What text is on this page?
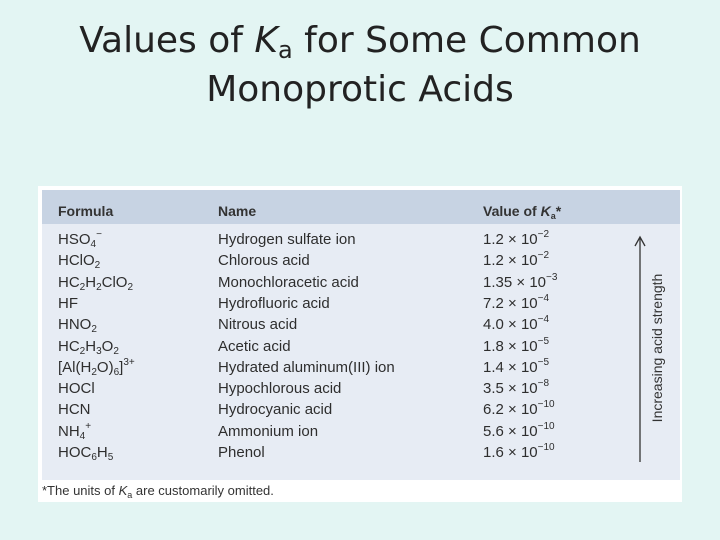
Values of $K_a$ for Some Common
Monoprotic Acids
Formula	Name	Value of $K_a*$
$HSO_4^-$	Hydrogen sulfate ion	$1.2 \times 10^{-2}$
HClO$_2$	Chlorous acid	$1.2 \times 10^{-2}$
$HC_2H_2ClO_2$	Monochloracetic acid	$1.35 \times 10^{-3}$
HF	Hydrofluoric acid	$7.2 \times 10^{-4}$
$HNO_2$	Nitrous acid	$4.0 \times 10^{-4}$
$HC_2H_3O_2$	Acetic acid	$1.8 \times 10^{-5}$
$[Al(H_2O)_6]^{3+}$	Hydrated aluminum(III) ion	$1.4 \times 10^{-5}$
HOCl	Hypochlorous acid	$3.5 \times 10^{-8}$
HCN	Hydrocyanic acid	$6.2 \times 10^{-10}$
$NH_4^+$	Ammonium ion	$5.6 \times 10^{-10}$
$HOC_6H_5$	Phenol	$1.6 \times 10^{-10}$
Increasing acid strength
*The units of $K_a$ are customarily omitted.
